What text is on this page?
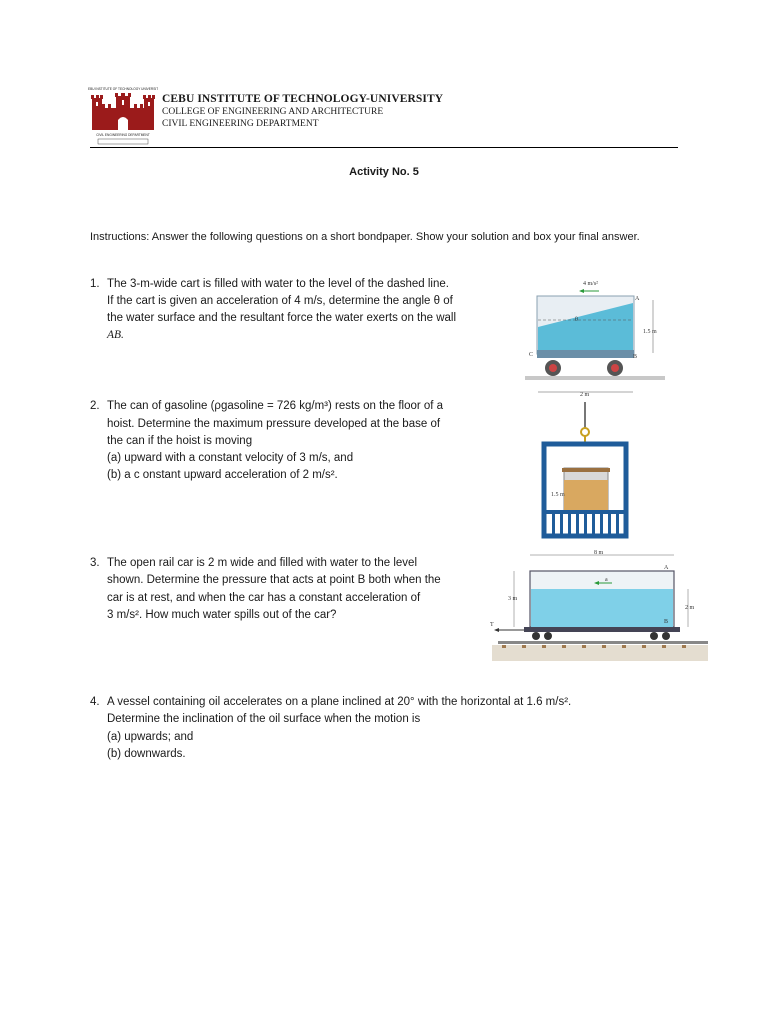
CEBU INSTITUTE OF TECHNOLOGY UNIVERSITY
CIVIL ENGINEERING DEPARTMENT
CEBU INSTITUTE OF TECHNOLOGY-UNIVERSITY
COLLEGE OF ENGINEERING AND ARCHITECTURE
CIVIL ENGINEERING DEPARTMENT
Activity No. 5
Instructions: Answer the following questions on a short bondpaper. Show your solution and box your final answer.
1. The 3-m-wide cart is filled with water to the level of the dashed line.
If the cart is given an acceleration of 4 m/s, determine the angle θ of
the water surface and the resultant force the water exerts on the wall
AB.
4 m/s²
θ
A
B
C
1.5 m
2 m
2. The can of gasoline (ρgasoline = 726 kg/m³) rests on the floor of a
hoist. Determine the maximum pressure developed at the base of
the can if the hoist is moving
(a) upward with a constant velocity of 3 m/s, and
(b) a c onstant upward acceleration of 2 m/s².
1.5 m
3. The open rail car is 2 m wide and filled with water to the level
shown. Determine the pressure that acts at point B both when the
car is at rest, and when the car has a constant acceleration of
3 m/s². How much water spills out of the car?
8 m
a
A
B
3 m
2 m
T
4. A vessel containing oil accelerates on a plane inclined at 20° with the horizontal at 1.6 m/s².
Determine the inclination of the oil surface when the motion is
(a) upwards; and
(b) downwards.
